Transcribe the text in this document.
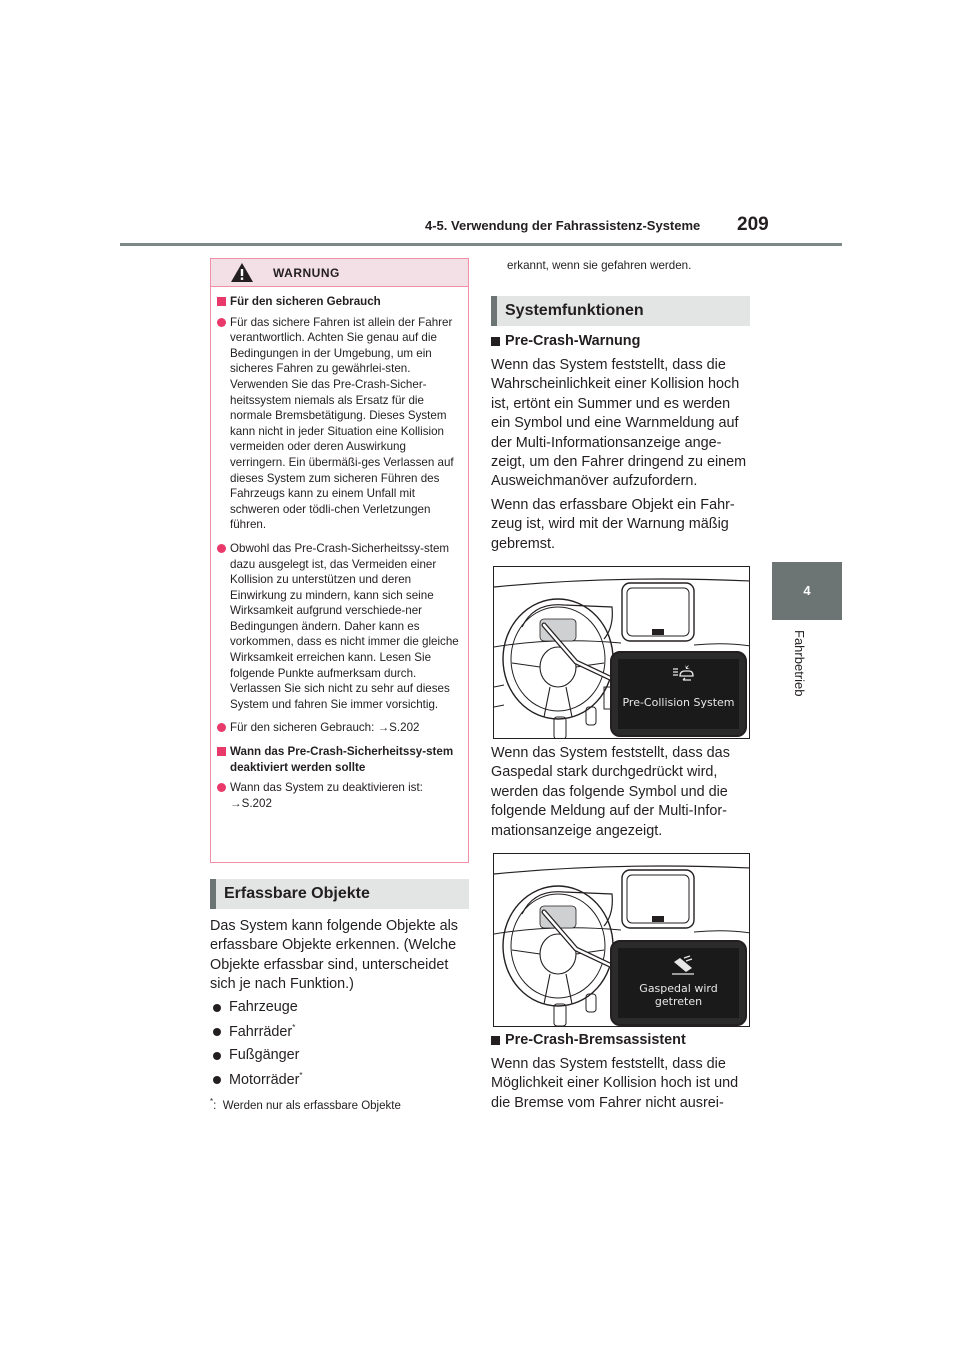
4-5. Verwendung der Fahrassistenz-Systeme 209
4
Fahrbetrieb
WARNUNG
Für den sicheren Gebrauch
Für das sichere Fahren ist allein der Fahrer verantwortlich. Achten Sie genau auf die Bedingungen in der Umgebung, um ein sicheres Fahren zu gewährlei-sten.
Verwenden Sie das Pre-Crash-Sicher-heitssystem niemals als Ersatz für die normale Bremsbetätigung. Dieses System kann nicht in jeder Situation eine Kollision vermeiden oder deren Auswirkung verringern. Ein übermäßi-ges Verlassen auf dieses System zum sicheren Führen des Fahrzeugs kann zu einem Unfall mit schweren oder tödli-chen Verletzungen führen.
Obwohl das Pre-Crash-Sicherheitssy-stem dazu ausgelegt ist, das Vermeiden einer Kollision zu unterstützen und deren Einwirkung zu mindern, kann sich seine Wirksamkeit aufgrund verschiede-ner Bedingungen ändern. Daher kann es vorkommen, dass es nicht immer die gleiche Wirksamkeit erreichen kann. Lesen Sie folgende Punkte aufmerksam durch. Verlassen Sie sich nicht zu sehr auf dieses System und fahren Sie immer vorsichtig.
Für den sicheren Gebrauch: →S.202
Wann das Pre-Crash-Sicherheitssy-stem deaktiviert werden sollte
Wann das System zu deaktivieren ist: →S.202
Erfassbare Objekte
Das System kann folgende Objekte als erfassbare Objekte erkennen. (Welche Objekte erfassbar sind, unterscheidet sich je nach Funktion.)
Fahrzeuge
Fahrräder*
Fußgänger
Motorräder*
*:  Werden nur als erfassbare Objekte
erkannt, wenn sie gefahren werden.
Systemfunktionen
Pre-Crash-Warnung
Wenn das System feststellt, dass die Wahrscheinlichkeit einer Kollision hoch ist, ertönt ein Summer und es werden ein Symbol und eine Warnmeldung auf der Multi-Informationsanzeige ange-zeigt, um den Fahrer dringend zu einem Ausweichmanöver aufzufordern.
Wenn das erfassbare Objekt ein Fahr-zeug ist, wird mit der Warnung mäßig gebremst.
Pre-Collision System
Wenn das System feststellt, dass das Gaspedal stark durchgedrückt wird, werden das folgende Symbol und die folgende Meldung auf der Multi-Infor-mationsanzeige angezeigt.
Gaspedal wird
getreten
Pre-Crash-Bremsassistent
Wenn das System feststellt, dass die Möglichkeit einer Kollision hoch ist und die Bremse vom Fahrer nicht ausrei-
